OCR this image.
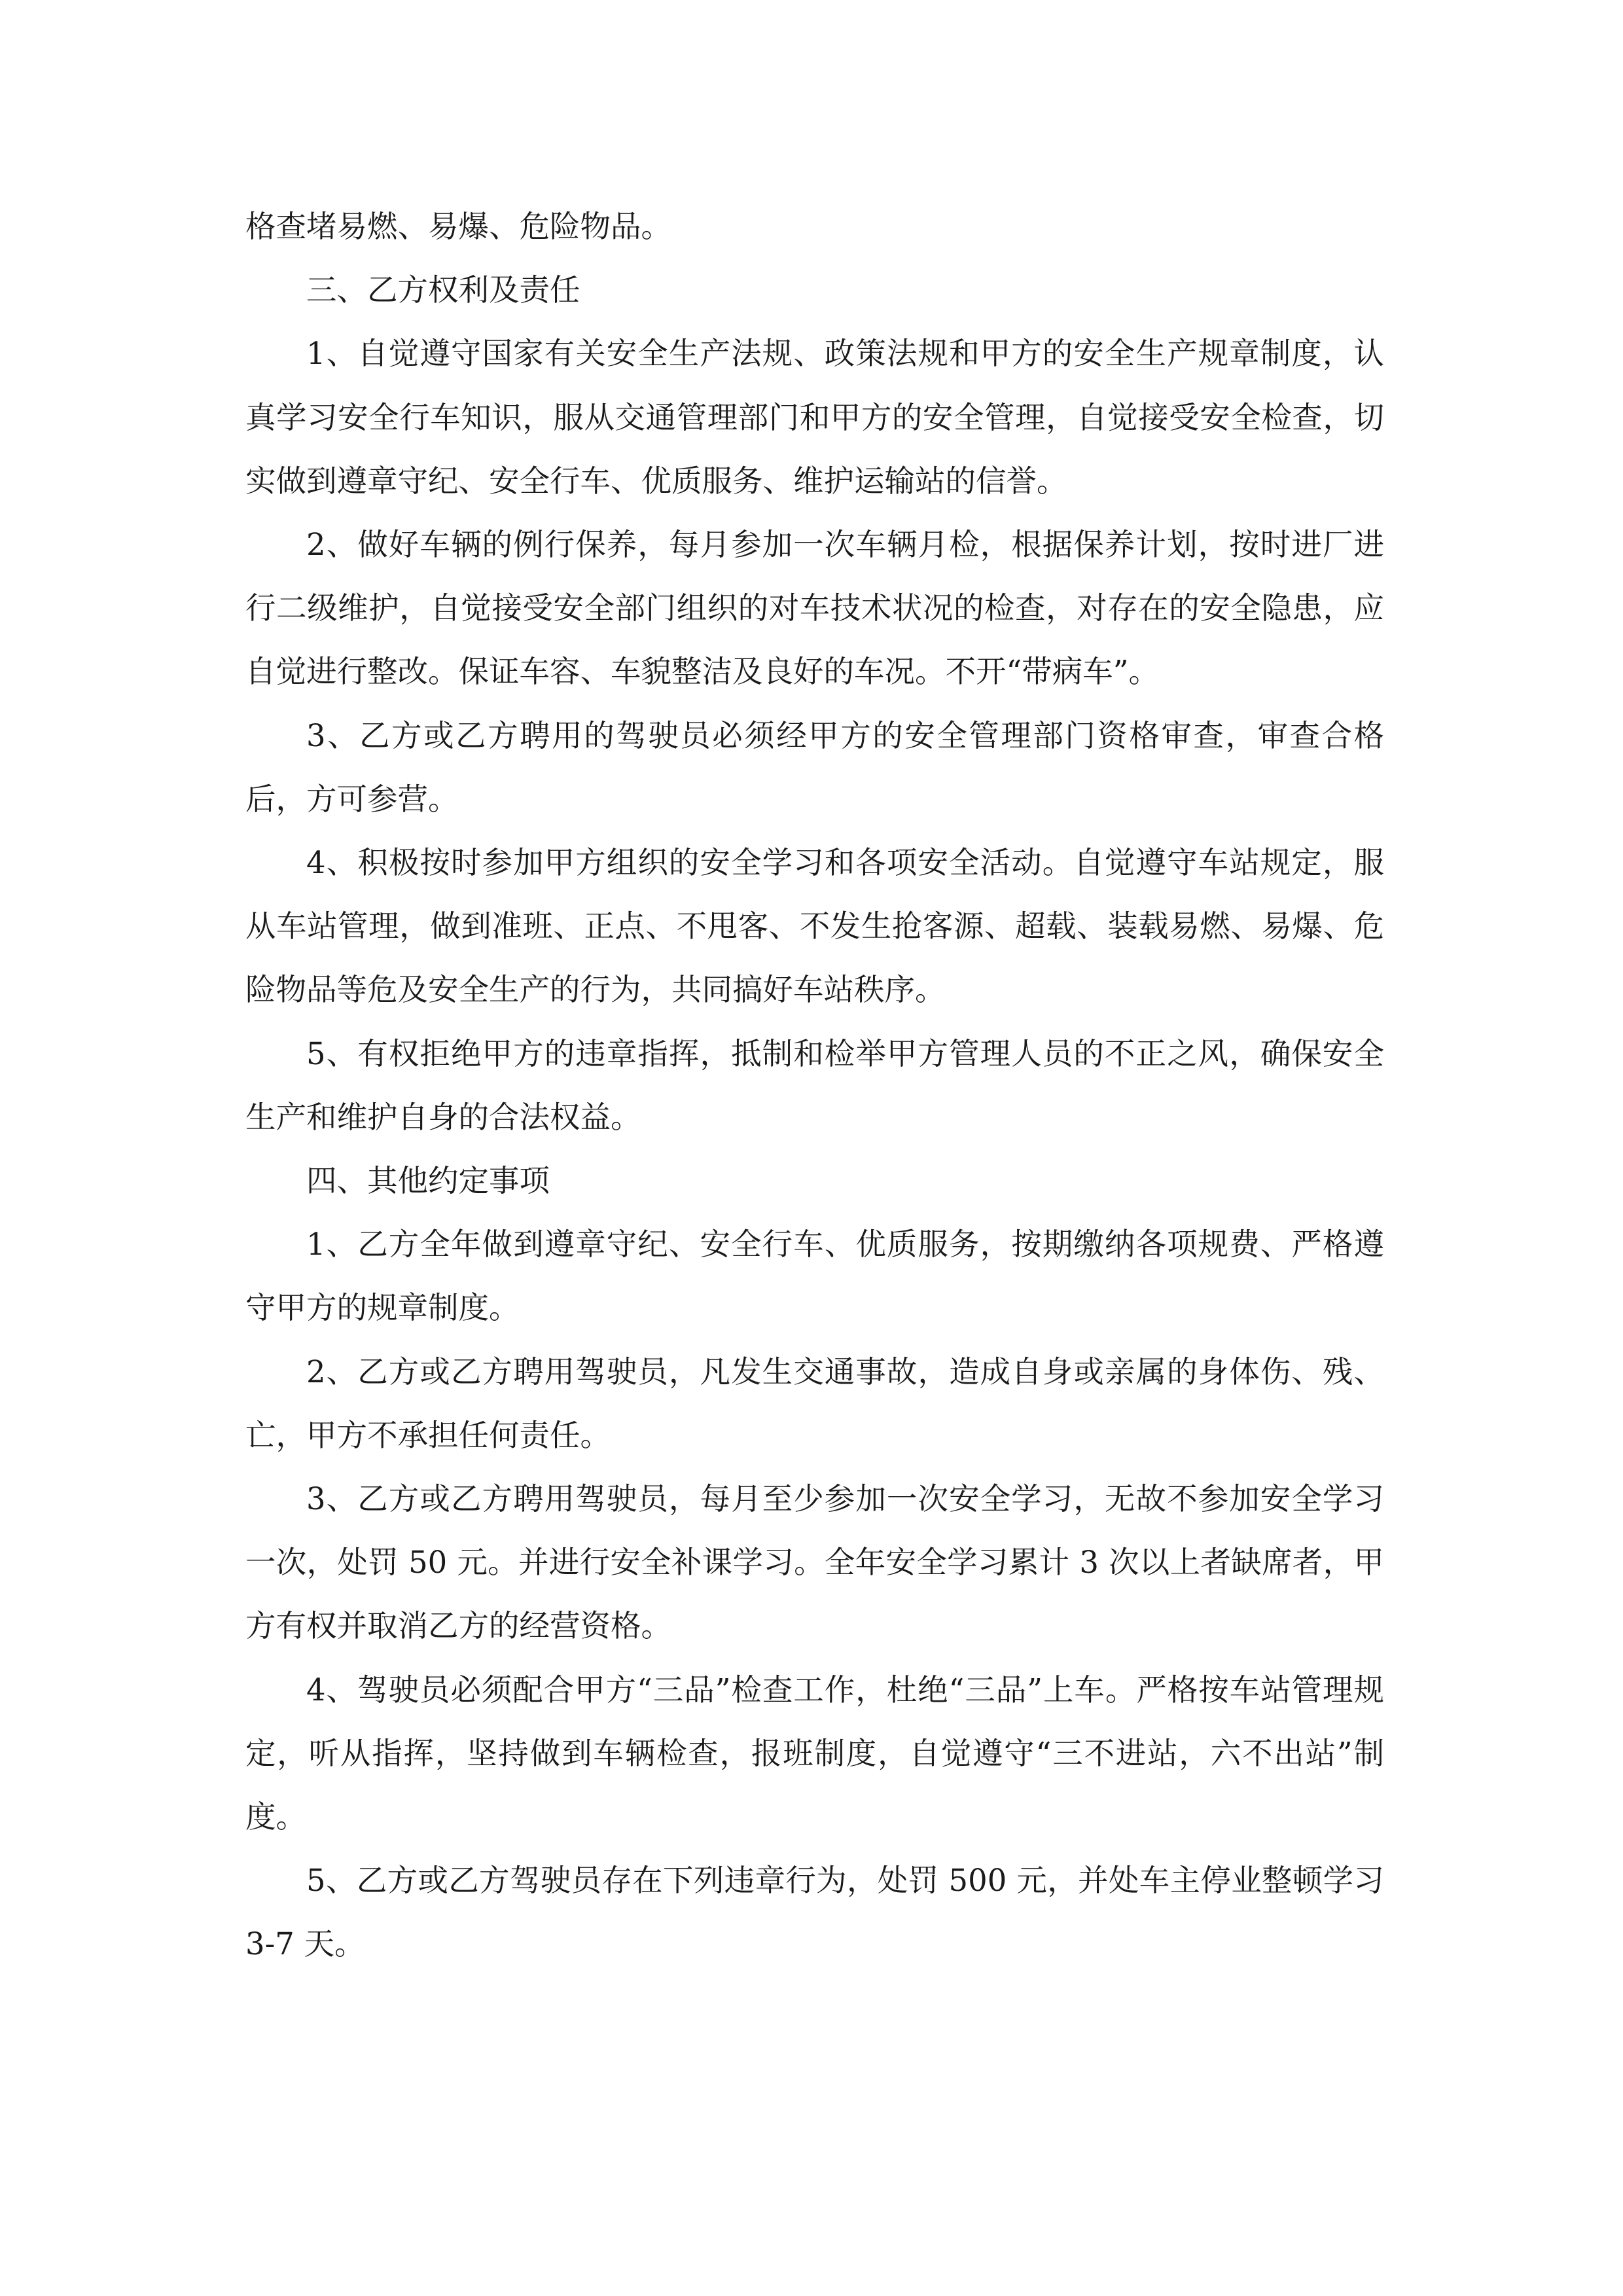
格查堵易燃、易爆、危险物品。

三、乙方权利及责任

1、自觉遵守国家有关安全生产法规、政策法规和甲方的安全生产规章制度，认真学习安全行车知识，服从交通管理部门和甲方的安全管理，自觉接受安全检查，切实做到遵章守纪、安全行车、优质服务、维护运输站的信誉。

2、做好车辆的例行保养，每月参加一次车辆月检，根据保养计划，按时进厂进行二级维护，自觉接受安全部门组织的对车技术状况的检查，对存在的安全隐患，应自觉进行整改。保证车容、车貌整洁及良好的车况。不开“带病车”。

3、乙方或乙方聘用的驾驶员必须经甲方的安全管理部门资格审查，审查合格后，方可参营。

4、积极按时参加甲方组织的安全学习和各项安全活动。自觉遵守车站规定，服从车站管理，做到准班、正点、不甩客、不发生抢客源、超载、装载易燃、易爆、危险物品等危及安全生产的行为，共同搞好车站秩序。

5、有权拒绝甲方的违章指挥，抵制和检举甲方管理人员的不正之风，确保安全生产和维护自身的合法权益。

四、其他约定事项

1、乙方全年做到遵章守纪、安全行车、优质服务，按期缴纳各项规费、严格遵守甲方的规章制度。

2、乙方或乙方聘用驾驶员，凡发生交通事故，造成自身或亲属的身体伤、残、亡，甲方不承担任何责任。

3、乙方或乙方聘用驾驶员，每月至少参加一次安全学习，无故不参加安全学习一次，处罚 50 元。并进行安全补课学习。全年安全学习累计 3 次以上者缺席者，甲方有权并取消乙方的经营资格。

4、驾驶员必须配合甲方“三品”检查工作，杜绝“三品”上车。严格按车站管理规定，听从指挥，坚持做到车辆检查，报班制度，自觉遵守“三不进站，六不出站”制度。

5、乙方或乙方驾驶员存在下列违章行为，处罚 500 元，并处车主停业整顿学习 3-7 天。
